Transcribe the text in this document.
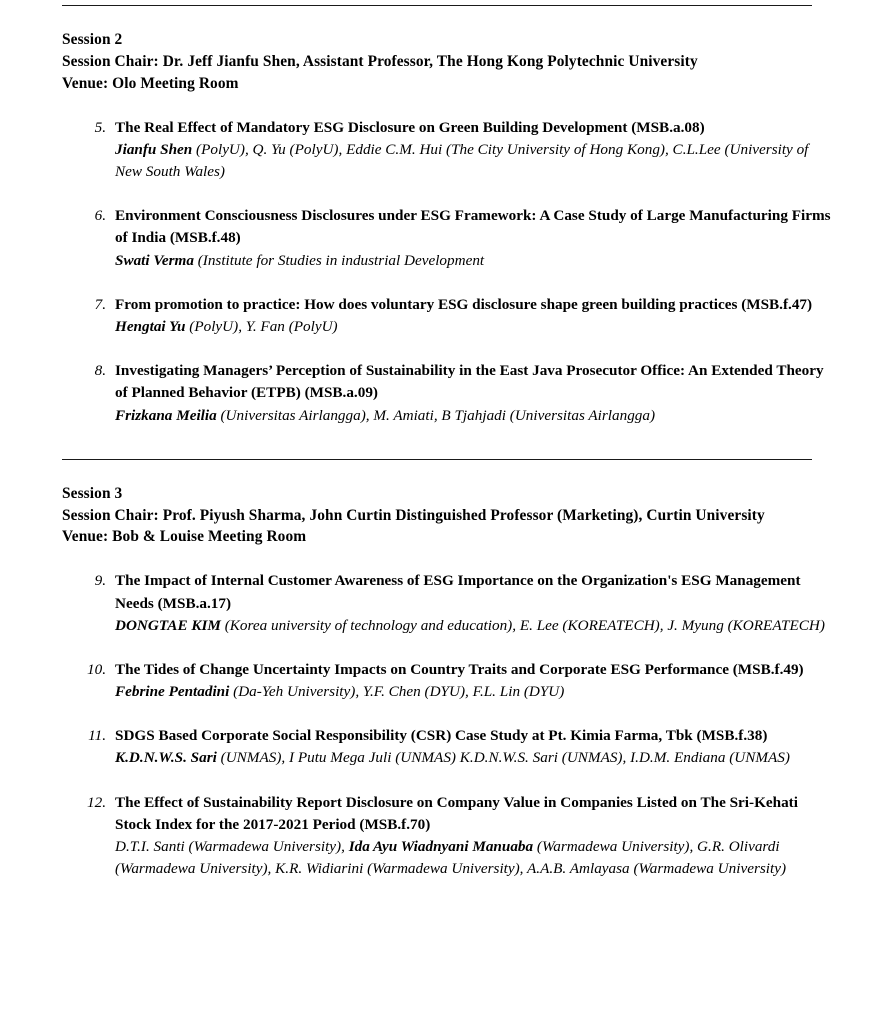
Session 2
Session Chair: Dr. Jeff Jianfu Shen, Assistant Professor, The Hong Kong Polytechnic University
Venue: Olo Meeting Room
5. The Real Effect of Mandatory ESG Disclosure on Green Building Development (MSB.a.08)
Jianfu Shen (PolyU), Q. Yu (PolyU), Eddie C.M. Hui (The City University of Hong Kong), C.L.Lee (University of New South Wales)
6. Environment Consciousness Disclosures under ESG Framework: A Case Study of Large Manufacturing Firms of India (MSB.f.48)
Swati Verma (Institute for Studies in industrial Development
7. From promotion to practice: How does voluntary ESG disclosure shape green building practices (MSB.f.47)
Hengtai Yu (PolyU), Y. Fan (PolyU)
8. Investigating Managers’ Perception of Sustainability in the East Java Prosecutor Office: An Extended Theory of Planned Behavior (ETPB) (MSB.a.09)
Frizkana Meilia (Universitas Airlangga), M. Amiati, B Tjahjadi (Universitas Airlangga)
Session 3
Session Chair: Prof. Piyush Sharma, John Curtin Distinguished Professor (Marketing), Curtin University
Venue: Bob & Louise Meeting Room
9. The Impact of Internal Customer Awareness of ESG Importance on the Organization's ESG Management Needs (MSB.a.17)
DONGTAE KIM (Korea university of technology and education), E. Lee (KOREATECH), J. Myung (KOREATECH)
10. The Tides of Change Uncertainty Impacts on Country Traits and Corporate ESG Performance (MSB.f.49)
Febrine Pentadini (Da-Yeh University), Y.F. Chen (DYU), F.L. Lin (DYU)
11. SDGS Based Corporate Social Responsibility (CSR) Case Study at Pt. Kimia Farma, Tbk (MSB.f.38)
K.D.N.W.S. Sari (UNMAS), I Putu Mega Juli (UNMAS) K.D.N.W.S. Sari (UNMAS), I.D.M. Endiana (UNMAS)
12. The Effect of Sustainability Report Disclosure on Company Value in Companies Listed on The Sri-Kehati Stock Index for the 2017-2021 Period (MSB.f.70)
D.T.I. Santi (Warmadewa University), Ida Ayu Wiadnyani Manuaba (Warmadewa University), G.R. Olivardi (Warmadewa University), K.R. Widiarini (Warmadewa University), A.A.B. Amlayasa (Warmadewa University)
